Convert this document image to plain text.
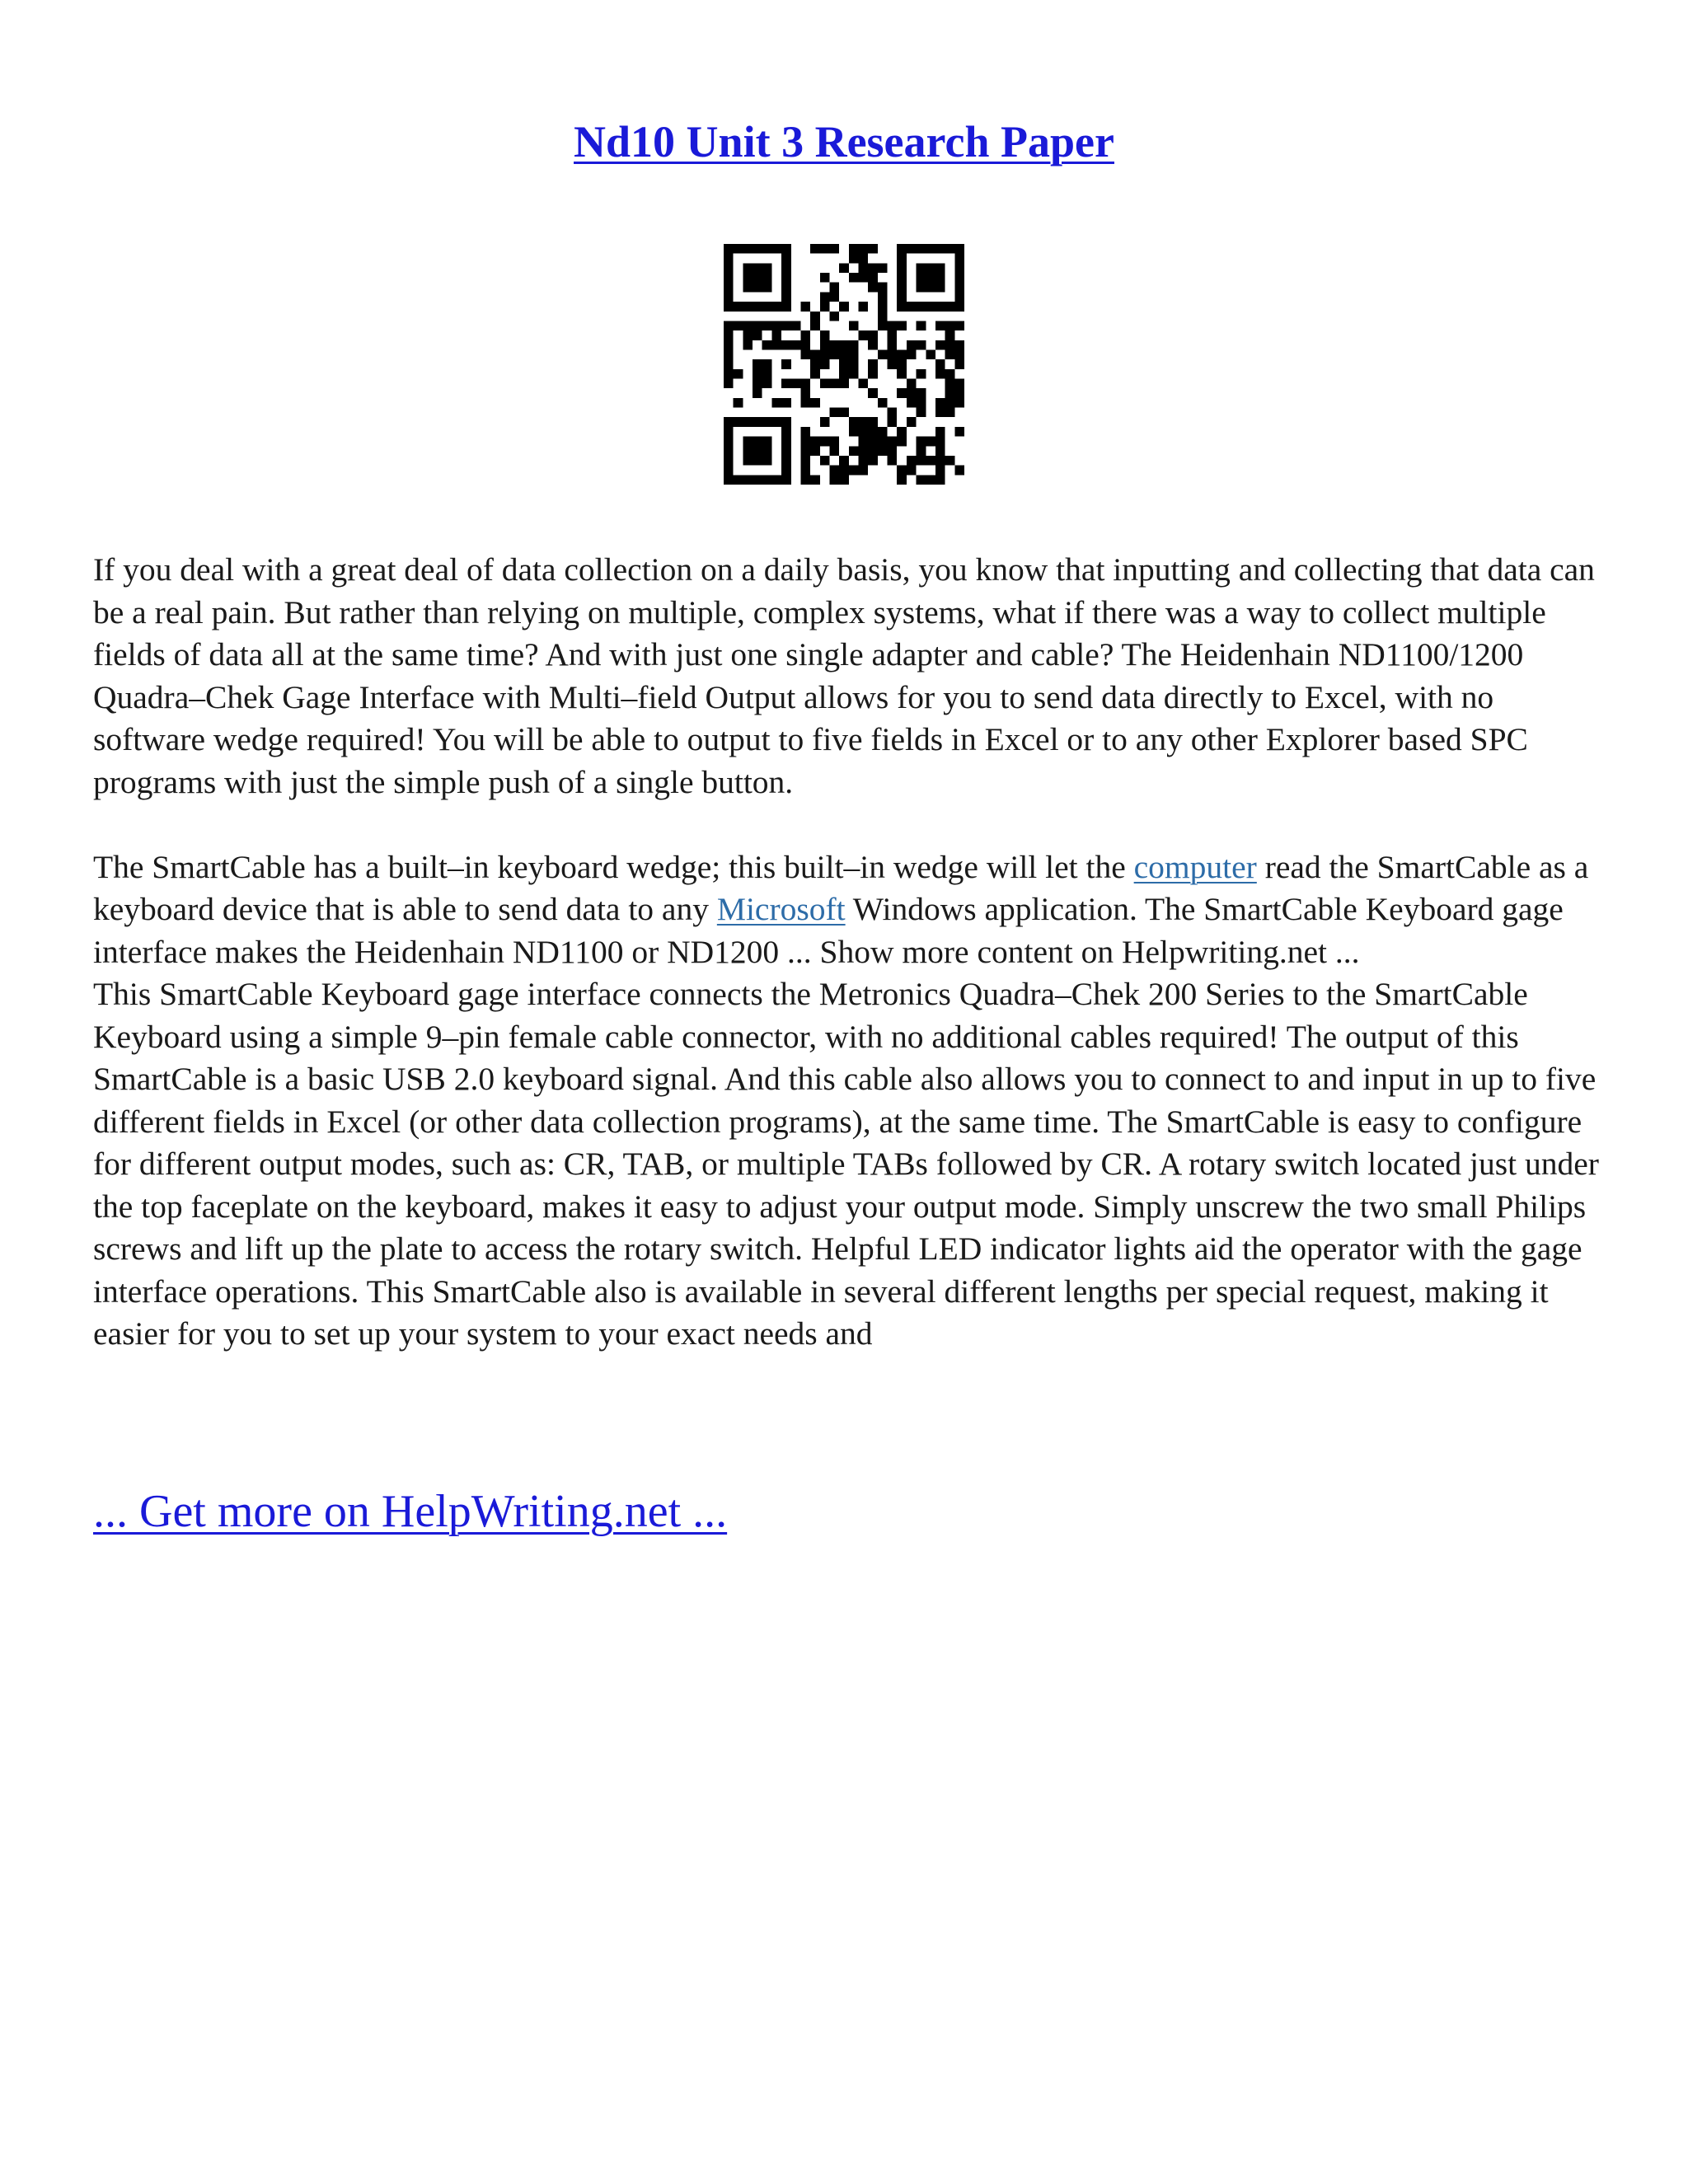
Nd10 Unit 3 Research Paper

If you deal with a great deal of data collection on a daily basis, you know that inputting and collecting that data can be a real pain. But rather than relying on multiple, complex systems, what if there was a way to collect multiple fields of data all at the same time? And with just one single adapter and cable? The Heidenhain ND1100/1200 Quadra–Chek Gage Interface with Multi–field Output allows for you to send data directly to Excel, with no software wedge required! You will be able to output to five fields in Excel or to any other Explorer based SPC programs with just the simple push of a single button.

The SmartCable has a built–in keyboard wedge; this built–in wedge will let the computer read the SmartCable as a keyboard device that is able to send data to any Microsoft Windows application. The SmartCable Keyboard gage interface makes the Heidenhain ND1100 or ND1200 ... Show more content on Helpwriting.net ...

This SmartCable Keyboard gage interface connects the Metronics Quadra–Chek 200 Series to the SmartCable Keyboard using a simple 9–pin female cable connector, with no additional cables required! The output of this SmartCable is a basic USB 2.0 keyboard signal. And this cable also allows you to connect to and input in up to five different fields in Excel (or other data collection programs), at the same time. The SmartCable is easy to configure for different output modes, such as: CR, TAB, or multiple TABs followed by CR. A rotary switch located just under the top faceplate on the keyboard, makes it easy to adjust your output mode. Simply unscrew the two small Philips screws and lift up the plate to access the rotary switch. Helpful LED indicator lights aid the operator with the gage interface operations. This SmartCable also is available in several different lengths per special request, making it easier for you to set up your system to your exact needs and

... Get more on HelpWriting.net ...
